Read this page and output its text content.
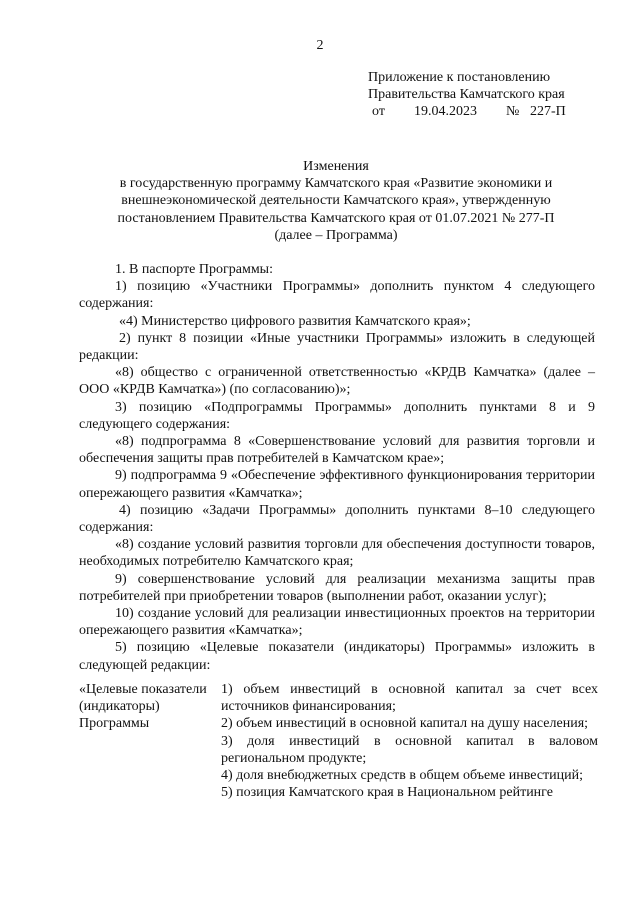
2
Приложение к постановлению
Правительства Камчатского края
от 19.04.2023 № 227-П
Изменения
в государственную программу Камчатского края «Развитие экономики и
внешнеэкономической деятельности Камчатского края», утвержденную
постановлением Правительства Камчатского края от 01.07.2021 № 277-П
(далее – Программа)
1. В паспорте Программы:
1) позицию «Участники Программы» дополнить пунктом 4 следующего содержания:
«4) Министерство цифрового развития Камчатского края»;
2) пункт 8 позиции «Иные участники Программы» изложить в следующей редакции:
«8) общество с ограниченной ответственностью «КРДВ Камчатка» (далее – ООО «КРДВ Камчатка») (по согласованию)»;
3) позицию «Подпрограммы Программы» дополнить пунктами 8 и 9 следующего содержания:
«8) подпрограмма 8 «Совершенствование условий для развития торговли и обеспечения защиты прав потребителей в Камчатском крае»;
9) подпрограмма 9 «Обеспечение эффективного функционирования территории опережающего развития «Камчатка»;
4) позицию «Задачи Программы» дополнить пунктами 8–10 следующего содержания:
«8) создание условий развития торговли для обеспечения доступности товаров, необходимых потребителю Камчатского края;
9) совершенствование условий для реализации механизма защиты прав потребителей при приобретении товаров (выполнении работ, оказании услуг);
10) создание условий для реализации инвестиционных проектов на территории опережающего развития «Камчатка»;
5) позицию «Целевые показатели (индикаторы) Программы» изложить в следующей редакции:
«Целевые показатели
(индикаторы)
Программы
1) объем инвестиций в основной капитал за счет всех источников финансирования;
2) объем инвестиций в основной капитал на душу населения;
3) доля инвестиций в основной капитал в валовом региональном продукте;
4) доля внебюджетных средств в общем объеме инвестиций;
5) позиция Камчатского края в Национальном рейтинге
